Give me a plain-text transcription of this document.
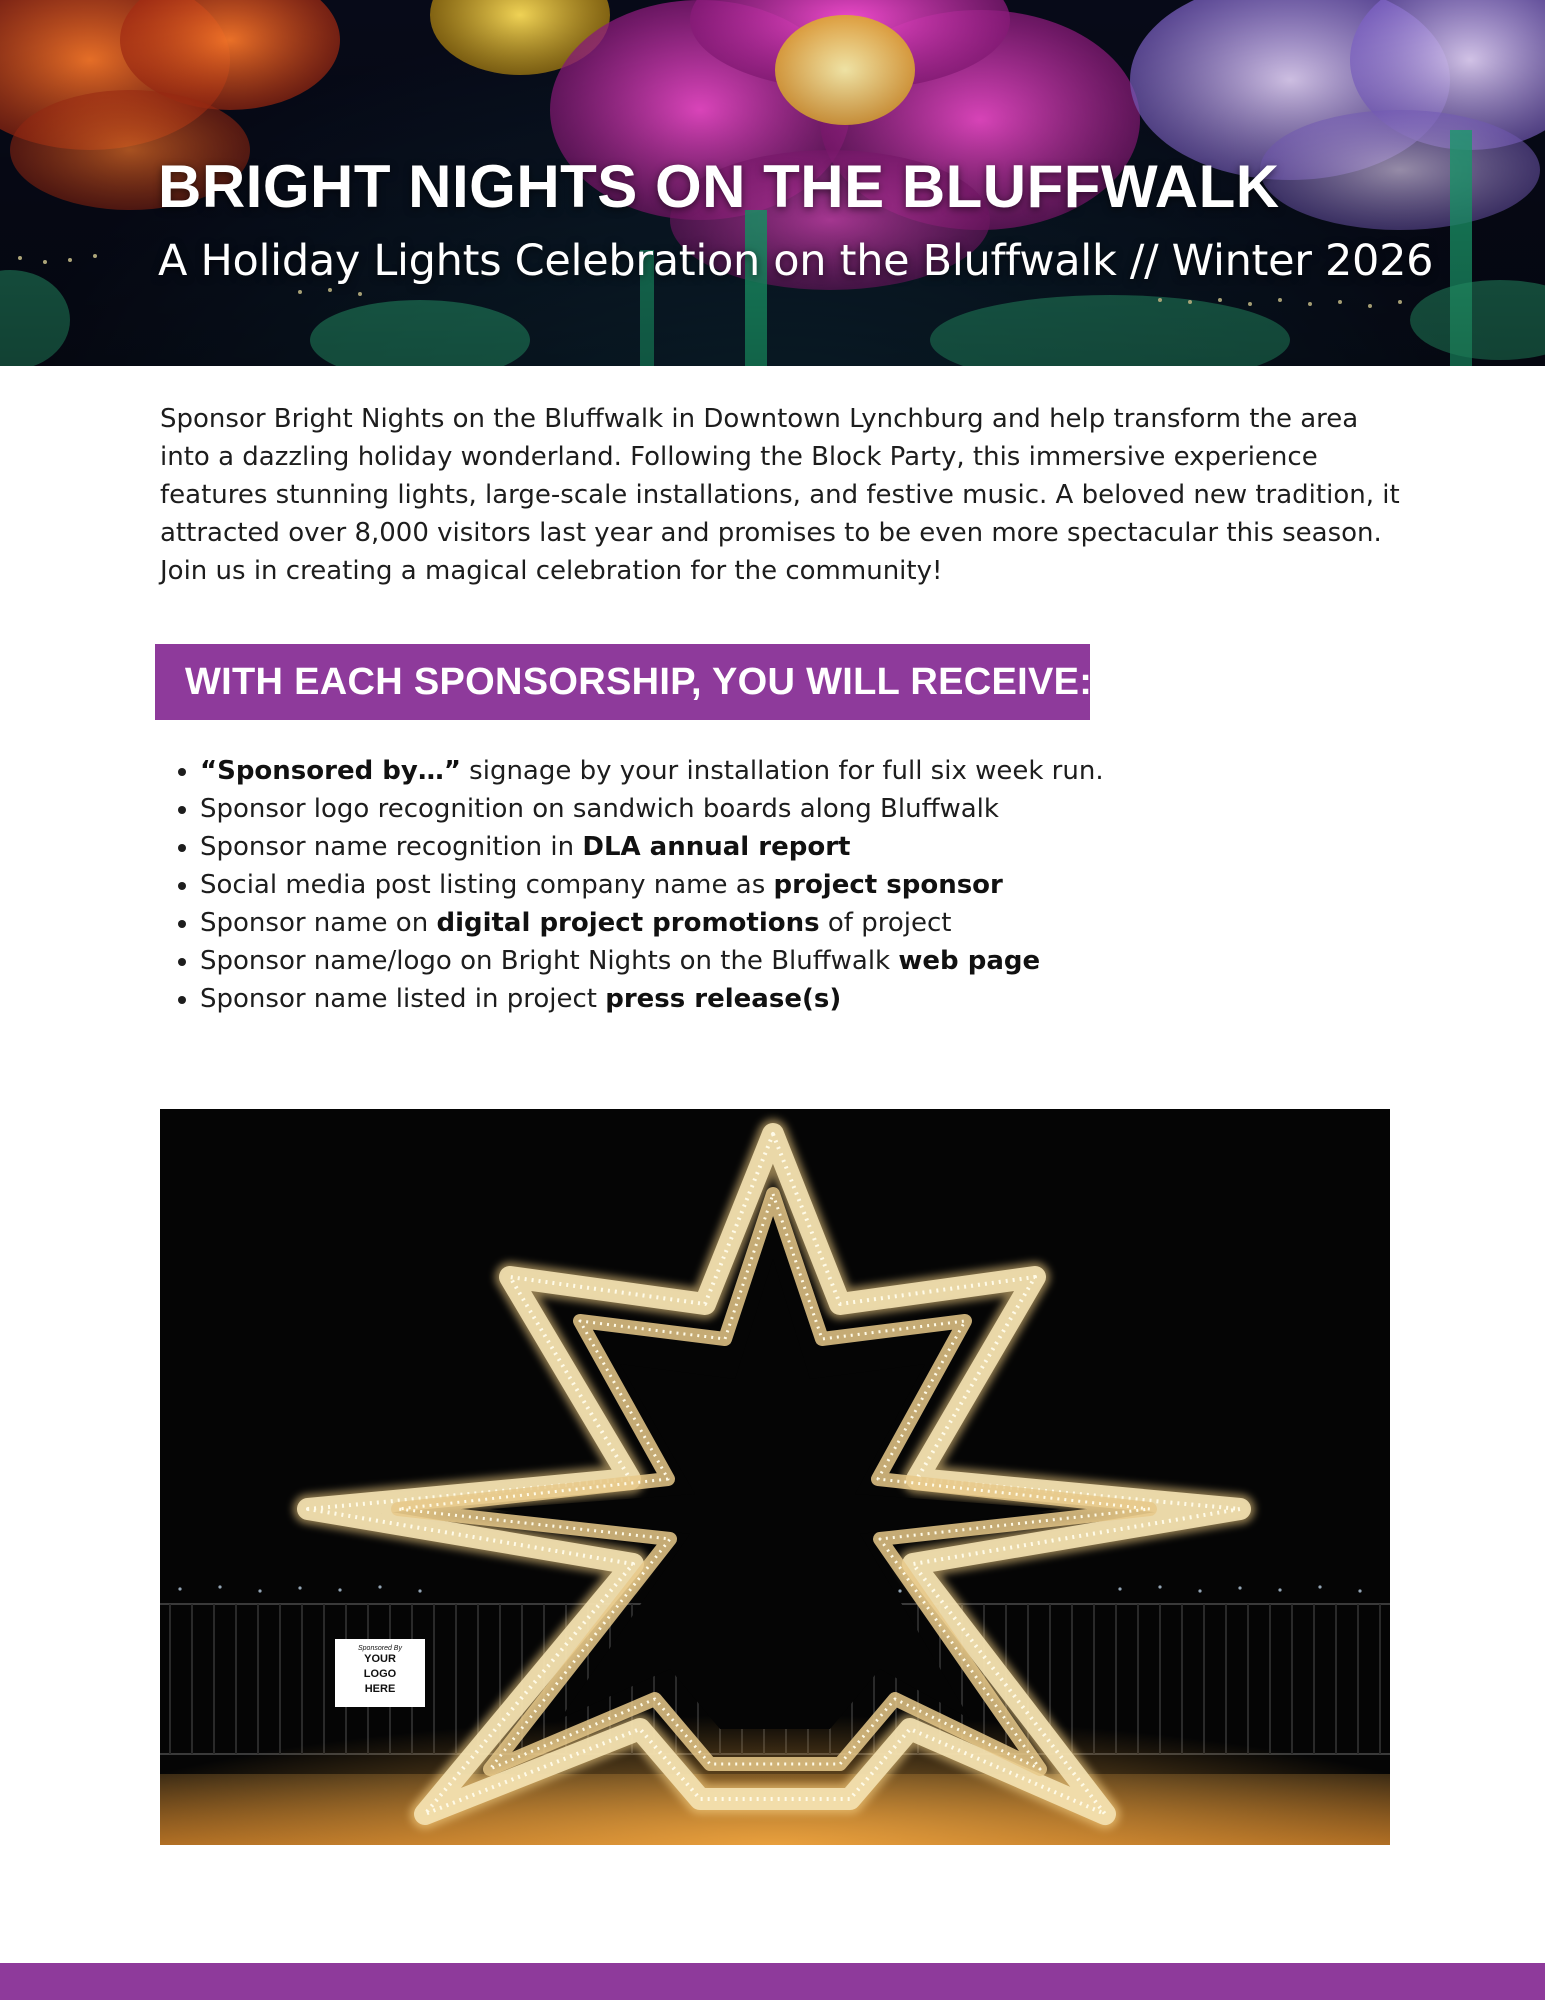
BRIGHT NIGHTS ON THE BLUFFWALK
A Holiday Lights Celebration on the Bluffwalk // Winter 2026

Sponsor Bright Nights on the Bluffwalk in Downtown Lynchburg and help transform the area into a dazzling holiday wonderland. Following the Block Party, this immersive experience features stunning lights, large-scale installations, and festive music. A beloved new tradition, it attracted over 8,000 visitors last year and promises to be even more spectacular this season. Join us in creating a magical celebration for the community!

WITH EACH SPONSORSHIP, YOU WILL RECEIVE:
• “Sponsored by…” signage by your installation for full six week run.
• Sponsor logo recognition on sandwich boards along Bluffwalk
• Sponsor name recognition in DLA annual report
• Social media post listing company name as project sponsor
• Sponsor name on digital project promotions of project
• Sponsor name/logo on Bright Nights on the Bluffwalk web page
• Sponsor name listed in project press release(s)
Sponsored By
YOUR
LOGO
HERE
